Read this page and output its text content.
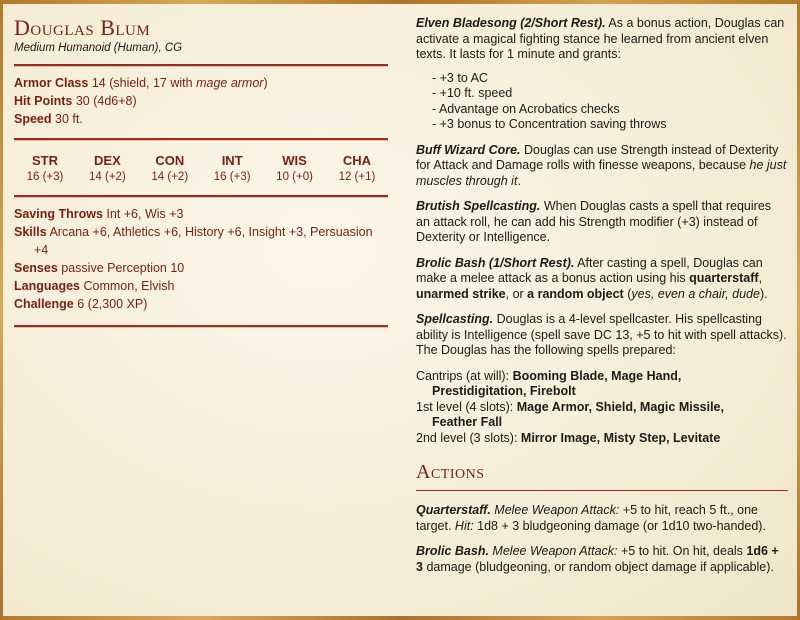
Douglas Blum
Medium Humanoid (Human), CG
Armor Class 14 (shield, 17 with mage armor)
Hit Points 30 (4d6+8)
Speed 30 ft.
STR
16 (+3)
DEX
14 (+2)
CON
14 (+2)
INT
16 (+3)
WIS
10 (+0)
CHA
12 (+1)
Saving Throws Int +6, Wis +3
Skills Arcana +6, Athletics +6, History +6, Insight +3, Persuasion
+4
Senses passive Perception 10
Languages Common, Elvish
Challenge 6 (2,300 XP)
Elven Bladesong (2/Short Rest). As a bonus action, Douglas can activate a magical fighting stance he learned from ancient elven texts. It lasts for 1 minute and grants:
- +3 to AC
- +10 ft. speed
- Advantage on Acrobatics checks
- +3 bonus to Concentration saving throws
Buff Wizard Core. Douglas can use Strength instead of Dexterity for Attack and Damage rolls with finesse weapons, because he just muscles through it.
Brutish Spellcasting. When Douglas casts a spell that requires an attack roll, he can add his Strength modifier (+3) instead of Dexterity or Intelligence.
Brolic Bash (1/Short Rest). After casting a spell, Douglas can make a melee attack as a bonus action using his quarterstaff, unarmed strike, or a random object (yes, even a chair, dude).
Spellcasting. Douglas is a 4-level spellcaster. His spellcasting ability is Intelligence (spell save DC 13, +5 to hit with spell attacks). The Douglas has the following spells prepared:
Cantrips (at will): Booming Blade, Mage Hand,
Prestidigitation, Firebolt
1st level (4 slots): Mage Armor, Shield, Magic Missile,
Feather Fall
2nd level (3 slots): Mirror Image, Misty Step, Levitate
Actions
Quarterstaff. Melee Weapon Attack: +5 to hit, reach 5 ft., one target. Hit: 1d8 + 3 bludgeoning damage (or 1d10 two-handed).
Brolic Bash. Melee Weapon Attack: +5 to hit. On hit, deals 1d6 + 3 damage (bludgeoning, or random object damage if applicable).
